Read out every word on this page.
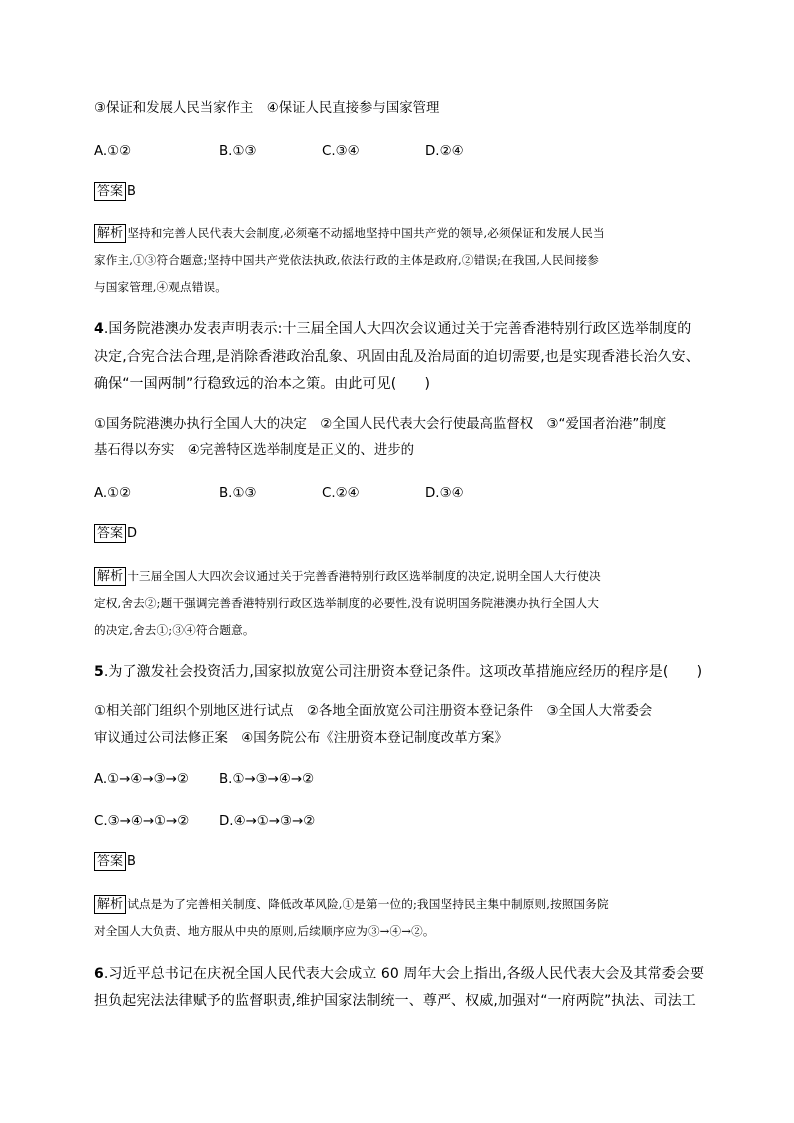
③保证和发展人民当家作主　④保证人民直接参与国家管理
A.①②	B.①③	C.③④	D.②④
答案 B
解析 坚持和完善人民代表大会制度,必须毫不动摇地坚持中国共产党的领导,必须保证和发展人民当
家作主,①③符合题意;坚持中国共产党依法执政,依法行政的主体是政府,②错误;在我国,人民间接参
与国家管理,④观点错误。
4.国务院港澳办发表声明表示:十三届全国人大四次会议通过关于完善香港特别行政区选举制度的
决定,合宪合法合理,是消除香港政治乱象、巩固由乱及治局面的迫切需要,也是实现香港长治久安、
确保“一国两制”行稳致远的治本之策。由此可见(　　)
①国务院港澳办执行全国人大的决定　②全国人民代表大会行使最高监督权　③“爱国者治港”制度
基石得以夯实　④完善特区选举制度是正义的、进步的
A.①②	B.①③	C.②④	D.③④
答案 D
解析 十三届全国人大四次会议通过关于完善香港特别行政区选举制度的决定,说明全国人大行使决
定权,舍去②;题干强调完善香港特别行政区选举制度的必要性,没有说明国务院港澳办执行全国人大
的决定,舍去①;③④符合题意。
5.为了激发社会投资活力,国家拟放宽公司注册资本登记条件。这项改革措施应经历的程序是(　　)
①相关部门组织个别地区进行试点　②各地全面放宽公司注册资本登记条件　③全国人大常委会
审议通过公司法修正案　④国务院公布《注册资本登记制度改革方案》
A.①→④→③→② B.①→③→④→②
C.③→④→①→② D.④→①→③→②
答案 B
解析 试点是为了完善相关制度、降低改革风险,①是第一位的;我国坚持民主集中制原则,按照国务院
对全国人大负责、地方服从中央的原则,后续顺序应为③→④→②。
6.习近平总书记在庆祝全国人民代表大会成立 60 周年大会上指出,各级人民代表大会及其常委会要
担负起宪法法律赋予的监督职责,维护国家法制统一、尊严、权威,加强对“一府两院”执法、司法工
